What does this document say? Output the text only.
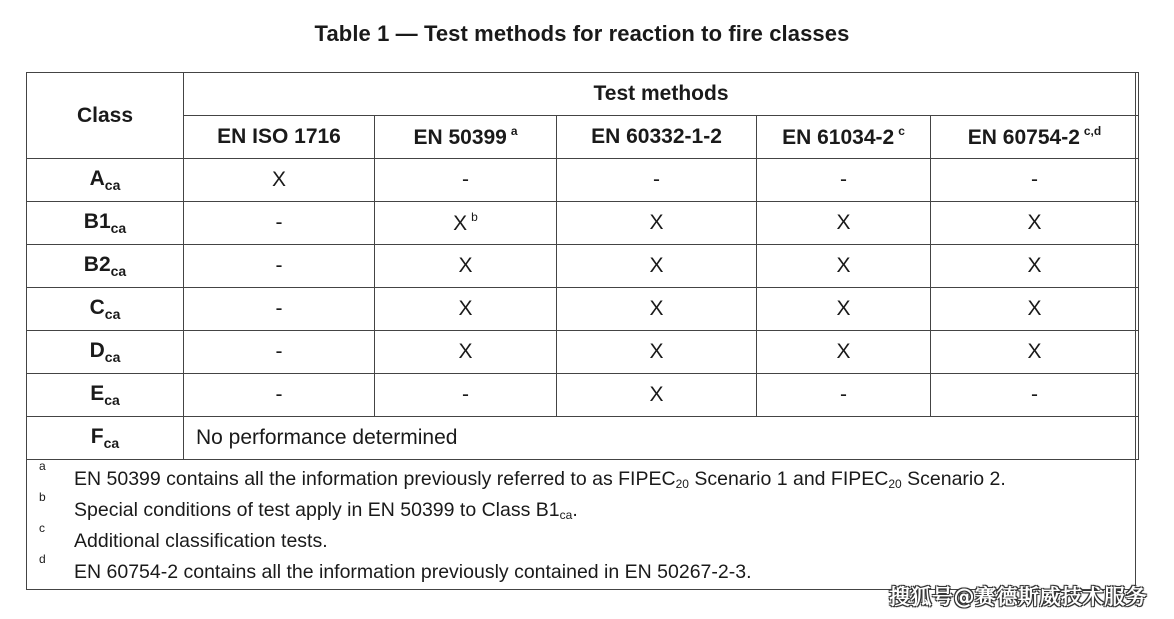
Table 1 — Test methods for reaction to fire classes
Class	Test methods				
	EN ISO 1716	EN 50399 $^a$	EN 60332-1-2	EN 61034-2 $^c$	EN 60754-2 $^{c,d}$
$A_{ca}$	X	-	-	-	-
$B1_{ca}$	-	X $^b$	X	X	X
$B2_{ca}$	-	X	X	X	X
$C_{ca}$	-	X	X	X	X
$D_{ca}$	-	X	X	X	X
$E_{ca}$	-	-	X	-	-
$F_{ca}$	No performance determined				
a
EN 50399 contains all the information previously referred to as $FIPEC_{20}$ Scenario 1 and $FIPEC_{20}$ Scenario 2.
b
Special conditions of test apply in EN 50399 to Class $B1_{ca}$.
c
Additional classification tests.
d
EN 60754-2 contains all the information previously contained in EN 50267-2-3.
搜狐号@赛德斯威技术服务
